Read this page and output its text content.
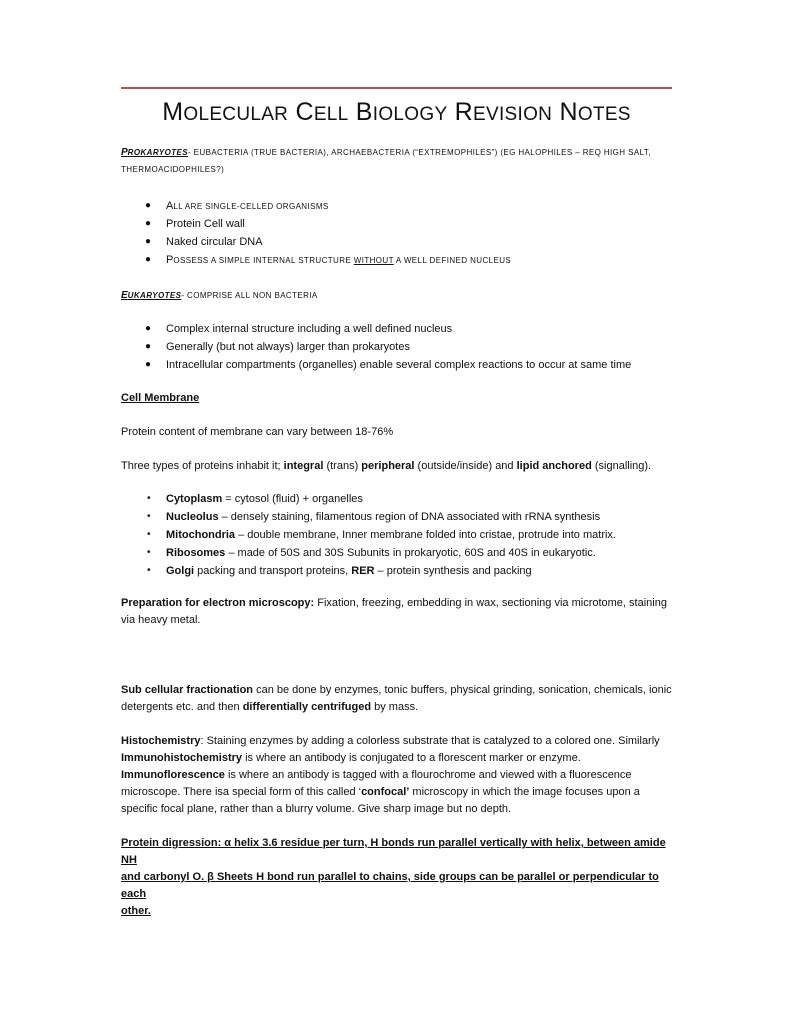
MOLECULAR CELL BIOLOGY REVISION NOTES
PROKARYOTES- EUBACTERIA (TRUE BACTERIA), ARCHAEBACTERIA (“EXTREMOPHILES”) (EG HALOPHILES – REQ HIGH SALT,
THERMOACIDOPHILES?)
●	ALL ARE SINGLE-CELLED ORGANISMS
●	Protein Cell wall
●	Naked circular DNA
●	POSSESS A SIMPLE INTERNAL STRUCTURE WITHOUT A WELL DEFINED NUCLEUS
EUKARYOTES- COMPRISE ALL NON BACTERIA
●	Complex internal structure including a well defined nucleus
●	Generally (but not always) larger than prokaryotes
●	Intracellular compartments (organelles) enable several complex reactions to occur at same time
Cell Membrane
Protein content of membrane can vary between 18-76%
Three types of proteins inhabit it; integral (trans) peripheral (outside/inside) and lipid anchored (signalling).
•	Cytoplasm = cytosol (fluid) + organelles
•	Nucleolus – densely staining, filamentous region of DNA associated with rRNA synthesis
•	Mitochondria – double membrane, Inner membrane folded into cristae, protrude into matrix.
•	Ribosomes – made of 50S and 30S Subunits in prokaryotic, 60S and 40S in eukaryotic.
•	Golgi packing and transport proteins, RER – protein synthesis and packing
Preparation for electron microscopy: Fixation, freezing, embedding in wax, sectioning via microtome, staining
via heavy metal.
Sub cellular fractionation can be done by enzymes, tonic buffers, physical grinding, sonication, chemicals, ionic
detergents etc. and then differentially centrifuged by mass.
Histochemistry: Staining enzymes by adding a colorless substrate that is catalyzed to a colored one. Similarly
Immunohistochemistry is where an antibody is conjugated to a florescent marker or enzyme.
Immunoflorescence is where an antibody is tagged with a flourochrome and viewed with a fluorescence
microscope. There isa special form of this called ‘confocal’ microscopy in which the image focuses upon a
specific focal plane, rather than a blurry volume. Give sharp image but no depth.
Protein digression: α helix 3.6 residue per turn, H bonds run parallel vertically with helix, between amide NH
and carbonyl O. β Sheets H bond run parallel to chains, side groups can be parallel or perpendicular to each
other.
